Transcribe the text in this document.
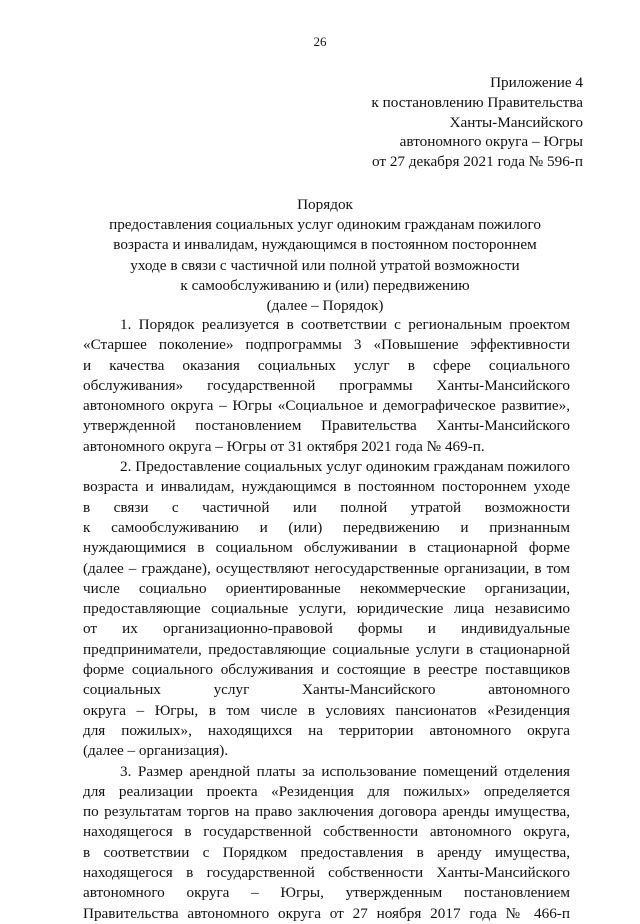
26
Приложение 4
к постановлению Правительства
Ханты-Мансийского
автономного округа – Югры
от 27 декабря 2021 года № 596-п
Порядок
предоставления социальных услуг одиноким гражданам пожилого
возраста и инвалидам, нуждающимся в постоянном постороннем
уходе в связи с частичной или полной утратой возможности
к самообслуживанию и (или) передвижению
(далее – Порядок)
1. Порядок реализуется в соответствии с региональным проектом
«Старшее поколение» подпрограммы 3 «Повышение эффективности
и качества оказания социальных услуг в сфере социального
обслуживания» государственной программы Ханты-Мансийского
автономного округа – Югры «Социальное и демографическое развитие»,
утвержденной постановлением Правительства Ханты-Мансийского
автономного округа – Югры от 31 октября 2021 года № 469-п.
2. Предоставление социальных услуг одиноким гражданам пожилого
возраста и инвалидам, нуждающимся в постоянном постороннем уходе
в связи с частичной или полной утратой возможности
к самообслуживанию и (или) передвижению и признанным
нуждающимися в социальном обслуживании в стационарной форме
(далее – граждане), осуществляют негосударственные организации, в том
числе социально ориентированные некоммерческие организации,
предоставляющие социальные услуги, юридические лица независимо
от их организационно-правовой формы и индивидуальные
предприниматели, предоставляющие социальные услуги в стационарной
форме социального обслуживания и состоящие в реестре поставщиков
социальных услуг Ханты-Мансийского автономного
округа – Югры, в том числе в условиях пансионатов «Резиденция
для пожилых», находящихся на территории автономного округа
(далее – организация).
3. Размер арендной платы за использование помещений отделения
для реализации проекта «Резиденция для пожилых» определяется
по результатам торгов на право заключения договора аренды имущества,
находящегося в государственной собственности автономного округа,
в соответствии с Порядком предоставления в аренду имущества,
находящегося в государственной собственности Ханты-Мансийского
автономного округа – Югры, утвержденным постановлением
Правительства автономного округа от 27 ноября 2017 года № 466-п
